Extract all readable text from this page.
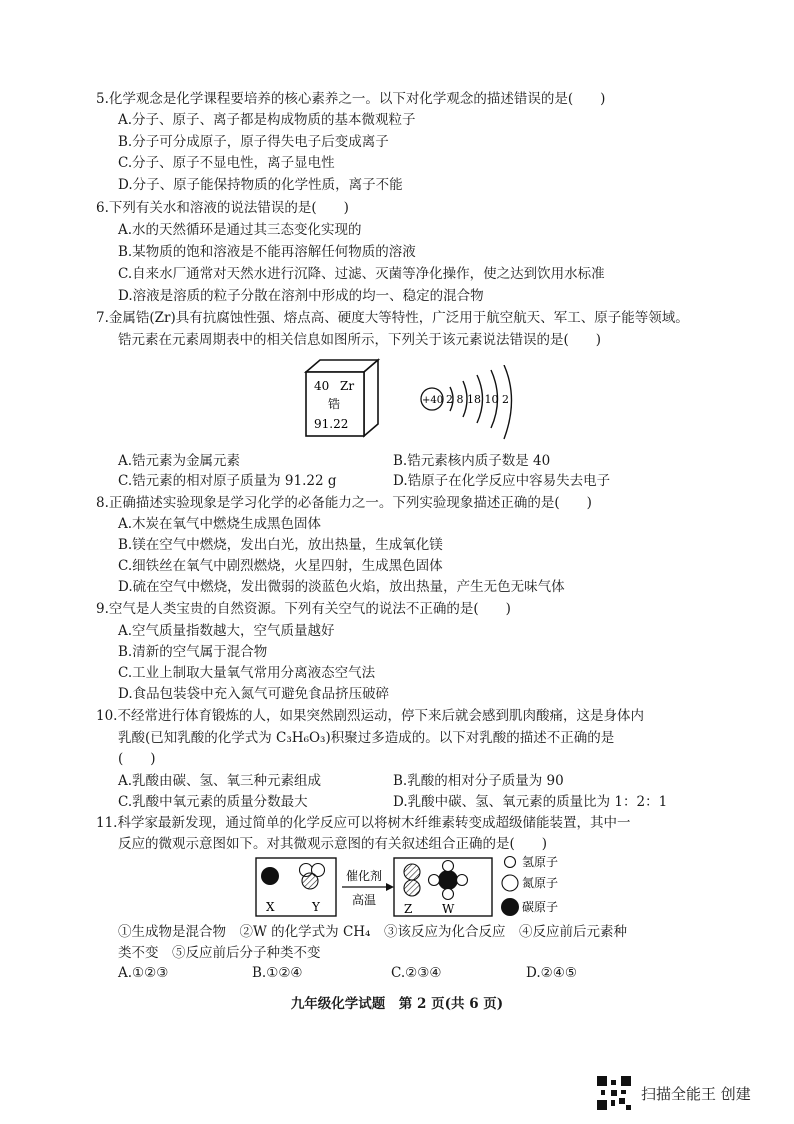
5.化学观念是化学课程要培养的核心素养之一。以下对化学观念的描述错误的是(　　)
A.分子、原子、离子都是构成物质的基本微观粒子
B.分子可分成原子，原子得失电子后变成离子
C.分子、原子不显电性，离子显电性
D.分子、原子能保持物质的化学性质，离子不能
6.下列有关水和溶液的说法错误的是(　　)
A.水的天然循环是通过其三态变化实现的
B.某物质的饱和溶液是不能再溶解任何物质的溶液
C.自来水厂通常对天然水进行沉降、过滤、灭菌等净化操作，使之达到饮用水标准
D.溶液是溶质的粒子分散在溶剂中形成的均一、稳定的混合物
7.金属锆(Zr)具有抗腐蚀性强、熔点高、硬度大等特性，广泛用于航空航天、军工、原子能等领域。
锆元素在元素周期表中的相关信息如图所示，下列关于该元素说法错误的是(　　)
40 Zr
锆
91.22
+40 2 8 18 10 2
A.锆元素为金属元素	B.锆元素核内质子数是 40
C.锆元素的相对原子质量为 91.22 g	D.锆原子在化学反应中容易失去电子
8.正确描述实验现象是学习化学的必备能力之一。下列实验现象描述正确的是(　　)
A.木炭在氧气中燃烧生成黑色固体
B.镁在空气中燃烧，发出白光，放出热量，生成氧化镁
C.细铁丝在氧气中剧烈燃烧，火星四射，生成黑色固体
D.硫在空气中燃烧，发出微弱的淡蓝色火焰，放出热量，产生无色无味气体
9.空气是人类宝贵的自然资源。下列有关空气的说法不正确的是(　　)
A.空气质量指数越大，空气质量越好
B.清新的空气属于混合物
C.工业上制取大量氧气常用分离液态空气法
D.食品包装袋中充入氮气可避免食品挤压破碎
10.不经常进行体育锻炼的人，如果突然剧烈运动，停下来后就会感到肌肉酸痛，这是身体内
乳酸(已知乳酸的化学式为 C₃H₆O₃)积聚过多造成的。以下对乳酸的描述不正确的是
(　　)
A.乳酸由碳、氢、氧三种元素组成	B.乳酸的相对分子质量为 90
C.乳酸中氧元素的质量分数最大	D.乳酸中碳、氢、氧元素的质量比为 1：2：1
11.科学家最新发现，通过简单的化学反应可以将树木纤维素转变成超级储能装置，其中一
反应的微观示意图如下。对其微观示意图的有关叙述组合正确的是(　　)
X	Y
催化剂
高温
Z W
氢原子
氮原子
碳原子
①生成物是混合物　②W 的化学式为 CH₄　③该反应为化合反应　④反应前后元素种
类不变　⑤反应前后分子种类不变
A.①②③	B.①②④	C.②③④	D.②④⑤
九年级化学试题　第 2 页(共 6 页)
扫描全能王 创建
